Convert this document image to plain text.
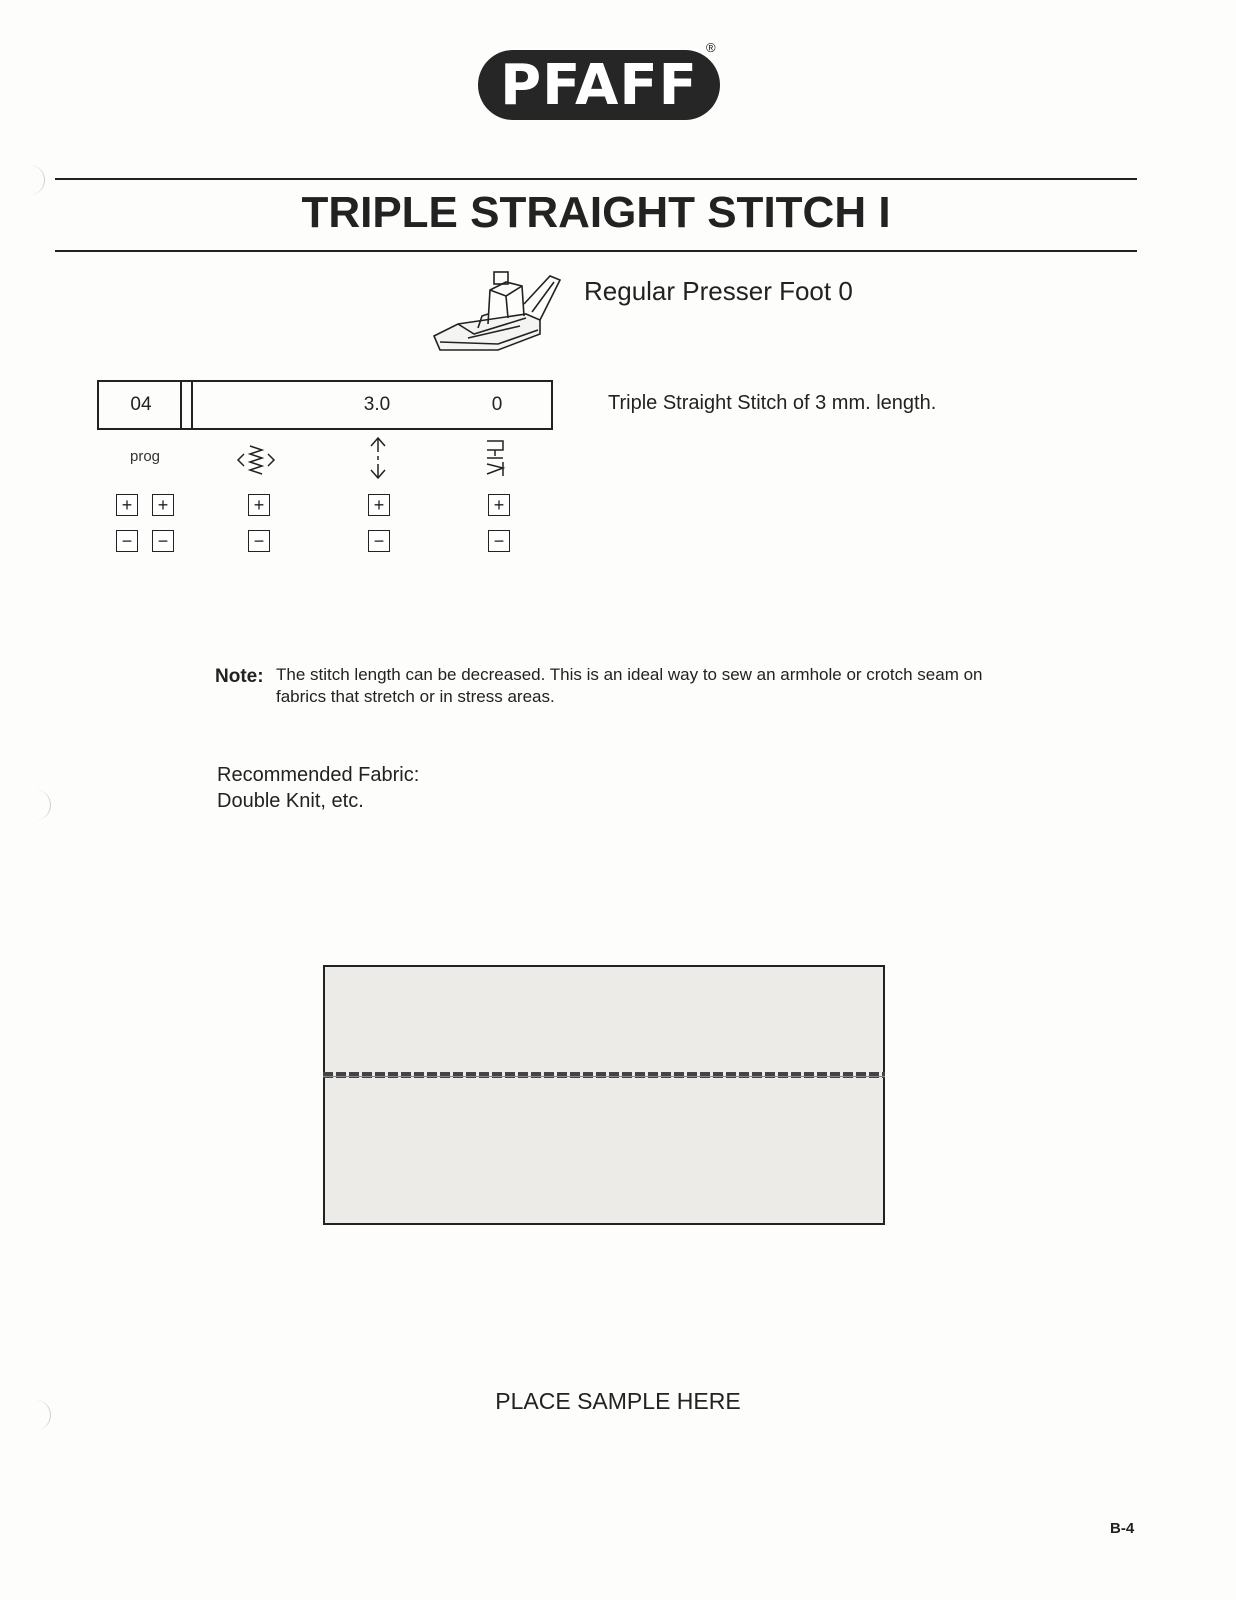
PFAFF
®
TRIPLE STRAIGHT STITCH I
Regular Presser Foot 0
04	3.0	0	Triple Straight Stitch of 3 mm. length.
prog
+	+	+	+	+
−	−	−	−	−
Note: The stitch length can be decreased. This is an ideal way to sew an armhole or crotch seam on fabrics that stretch or in stress areas.
Recommended Fabric:
Double Knit, etc.
PLACE SAMPLE HERE
B-4
